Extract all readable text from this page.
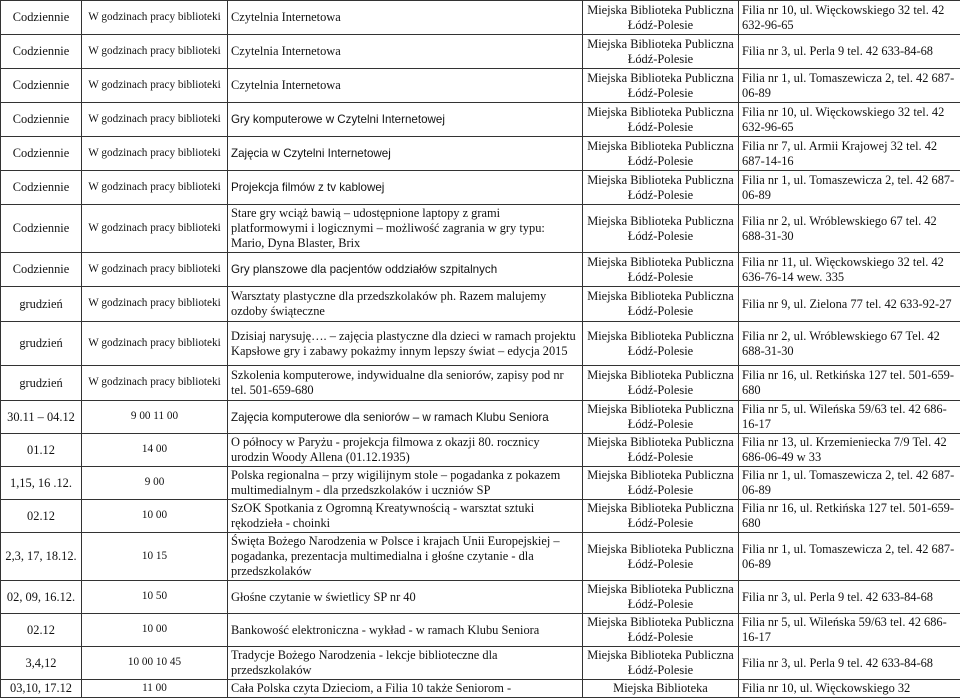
Codziennie	W godzinach pracy biblioteki	Czytelnia Internetowa	Miejska Biblioteka Publiczna Łódź-Polesie	Filia nr 10, ul. Więckowskiego 32 tel. 42 632-96-65
Codziennie	W godzinach pracy biblioteki	Czytelnia Internetowa	Miejska Biblioteka Publiczna Łódź-Polesie	Filia nr 3, ul. Perla 9 tel. 42 633-84-68
Codziennie	W godzinach pracy biblioteki	Czytelnia Internetowa	Miejska Biblioteka Publiczna Łódź-Polesie	Filia nr 1, ul. Tomaszewicza 2, tel. 42 687-06-89
Codziennie	W godzinach pracy biblioteki	Gry komputerowe w Czytelni Internetowej	Miejska Biblioteka Publiczna Łódź-Polesie	Filia nr 10, ul. Więckowskiego 32 tel. 42 632-96-65
Codziennie	W godzinach pracy biblioteki	Zajęcia w Czytelni Internetowej	Miejska Biblioteka Publiczna Łódź-Polesie	Filia nr 7, ul. Armii Krajowej 32 tel. 42 687-14-16
Codziennie	W godzinach pracy biblioteki	Projekcja filmów z tv kablowej	Miejska Biblioteka Publiczna Łódź-Polesie	Filia nr 1, ul. Tomaszewicza 2, tel. 42 687-06-89
Codziennie	W godzinach pracy biblioteki	Stare gry wciąż bawią – udostępnione laptopy z grami platformowymi i logicznymi – możliwość zagrania w gry typu: Mario, Dyna Blaster, Brix	Miejska Biblioteka Publiczna Łódź-Polesie	Filia nr 2, ul. Wróblewskiego 67 tel. 42 688-31-30
Codziennie	W godzinach pracy biblioteki	Gry planszowe dla pacjentów oddziałów szpitalnych	Miejska Biblioteka Publiczna Łódź-Polesie	Filia nr 11, ul. Więckowskiego 32 tel. 42 636-76-14 wew. 335
grudzień	W godzinach pracy biblioteki	Warsztaty plastyczne dla przedszkolaków ph. Razem malujemy ozdoby świąteczne	Miejska Biblioteka Publiczna Łódź-Polesie	Filia nr 9, ul. Zielona 77 tel. 42 633-92-27
grudzień	W godzinach pracy biblioteki	Dzisiaj narysuję…. – zajęcia plastyczne dla dzieci w ramach projektu Kapsłowe gry i zabawy pokażmy innym lepszy świat – edycja 2015	Miejska Biblioteka Publiczna Łódź-Polesie	Filia nr 2, ul. Wróblewskiego 67 Tel. 42 688-31-30
grudzień	W godzinach pracy biblioteki	Szkolenia komputerowe, indywidualne dla seniorów, zapisy pod nr tel. 501-659-680	Miejska Biblioteka Publiczna Łódź-Polesie	Filia nr 16, ul. Retkińska 127 tel. 501-659-680
30.11 – 04.12	9 00 11 00	Zajęcia komputerowe dla seniorów – w ramach Klubu Seniora	Miejska Biblioteka Publiczna Łódź-Polesie	Filia nr 5, ul. Wileńska 59/63 tel. 42 686-16-17
01.12	14 00	O północy w Paryżu - projekcja filmowa z okazji 80. rocznicy urodzin Woody Allena (01.12.1935)	Miejska Biblioteka Publiczna Łódź-Polesie	Filia nr 13, ul. Krzemieniecka 7/9 Tel. 42 686-06-49 w 33
1,15, 16 .12.	9 00	Polska regionalna – przy wigilijnym stole – pogadanka z pokazem multimedialnym - dla przedszkolaków i uczniów SP	Miejska Biblioteka Publiczna Łódź-Polesie	Filia nr 1, ul. Tomaszewicza 2, tel. 42 687-06-89
02.12	10 00	SzOK Spotkania z Ogromną Kreatywnością - warsztat sztuki rękodzieła - choinki	Miejska Biblioteka Publiczna Łódź-Polesie	Filia nr 16, ul. Retkińska 127 tel. 501-659-680
2,3, 17, 18.12.	10 15	Święta Bożego Narodzenia w Polsce i krajach Unii Europejskiej – pogadanka, prezentacja multimedialna i głośne czytanie - dla przedszkolaków	Miejska Biblioteka Publiczna Łódź-Polesie	Filia nr 1, ul. Tomaszewicza 2, tel. 42 687-06-89
02, 09, 16.12.	10 50	Głośne czytanie w świetlicy SP nr 40	Miejska Biblioteka Publiczna Łódź-Polesie	Filia nr 3, ul. Perla 9 tel. 42 633-84-68
02.12	10 00	Bankowość elektroniczna - wykład - w ramach Klubu Seniora	Miejska Biblioteka Publiczna Łódź-Polesie	Filia nr 5, ul. Wileńska 59/63 tel. 42 686-16-17
3,4,12	10 00 10 45	Tradycje Bożego Narodzenia - lekcje biblioteczne dla przedszkolaków	Miejska Biblioteka Publiczna Łódź-Polesie	Filia nr 3, ul. Perla 9 tel. 42 633-84-68
03,10, 17.12	11 00	Cała Polska czyta Dzieciom, a Filia 10 także Seniorom -	Miejska Biblioteka	Filia nr 10, ul. Więckowskiego 32
